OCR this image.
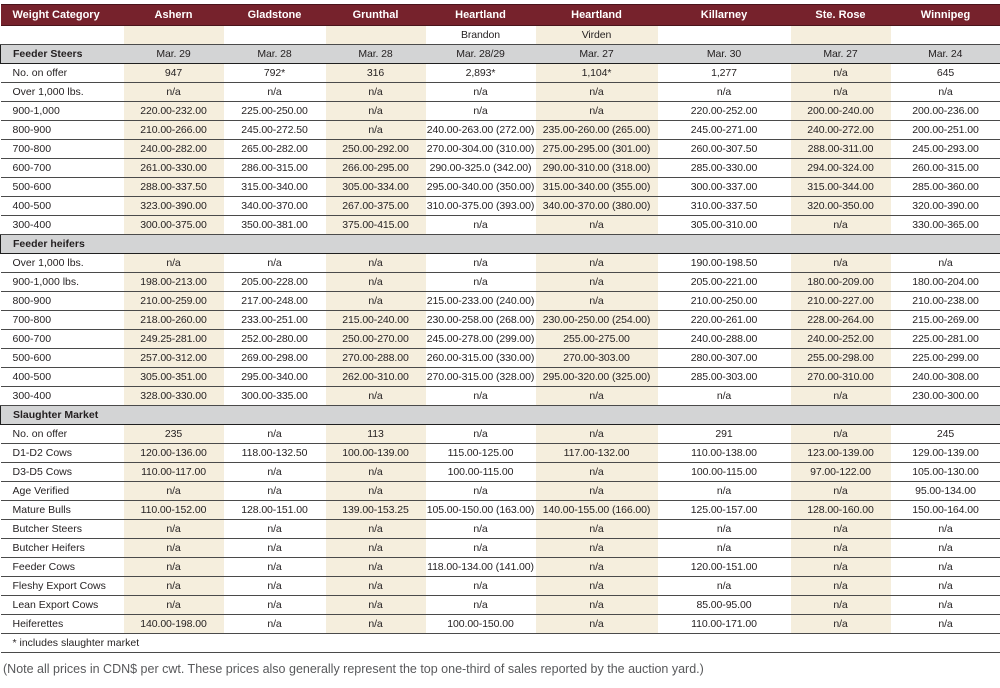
Weight Category	Ashern	Gladstone	Grunthal	Heartland	Heartland	Killarney	Ste. Rose	Winnipeg
				Brandon	Virden			
Feeder Steers	Mar. 29	Mar. 28	Mar. 28	Mar. 28/29	Mar. 27	Mar. 30	Mar. 27	Mar. 24
No. on offer	947	792*	316	2,893*	1,104*	1,277	n/a	645
Over 1,000 lbs.	n/a	n/a	n/a	n/a	n/a	n/a	n/a	n/a
900-1,000	220.00-232.00	225.00-250.00	n/a	n/a	n/a	220.00-252.00	200.00-240.00	200.00-236.00
800-900	210.00-266.00	245.00-272.50	n/a	240.00-263.00 (272.00)	235.00-260.00 (265.00)	245.00-271.00	240.00-272.00	200.00-251.00
700-800	240.00-282.00	265.00-282.00	250.00-292.00	270.00-304.00 (310.00)	275.00-295.00 (301.00)	260.00-307.50	288.00-311.00	245.00-293.00
600-700	261.00-330.00	286.00-315.00	266.00-295.00	290.00-325.0 (342.00)	290.00-310.00 (318.00)	285.00-330.00	294.00-324.00	260.00-315.00
500-600	288.00-337.50	315.00-340.00	305.00-334.00	295.00-340.00 (350.00)	315.00-340.00 (355.00)	300.00-337.00	315.00-344.00	285.00-360.00
400-500	323.00-390.00	340.00-370.00	267.00-375.00	310.00-375.00 (393.00)	340.00-370.00 (380.00)	310.00-337.50	320.00-350.00	320.00-390.00
300-400	300.00-375.00	350.00-381.00	375.00-415.00	n/a	n/a	305.00-310.00	n/a	330.00-365.00
Feeder heifers								
Over 1,000 lbs.	n/a	n/a	n/a	n/a	n/a	190.00-198.50	n/a	n/a
900-1,000 lbs.	198.00-213.00	205.00-228.00	n/a	n/a	n/a	205.00-221.00	180.00-209.00	180.00-204.00
800-900	210.00-259.00	217.00-248.00	n/a	215.00-233.00 (240.00)	n/a	210.00-250.00	210.00-227.00	210.00-238.00
700-800	218.00-260.00	233.00-251.00	215.00-240.00	230.00-258.00 (268.00)	230.00-250.00 (254.00)	220.00-261.00	228.00-264.00	215.00-269.00
600-700	249.25-281.00	252.00-280.00	250.00-270.00	245.00-278.00 (299.00)	255.00-275.00	240.00-288.00	240.00-252.00	225.00-281.00
500-600	257.00-312.00	269.00-298.00	270.00-288.00	260.00-315.00 (330.00)	270.00-303.00	280.00-307.00	255.00-298.00	225.00-299.00
400-500	305.00-351.00	295.00-340.00	262.00-310.00	270.00-315.00 (328.00)	295.00-320.00 (325.00)	285.00-303.00	270.00-310.00	240.00-308.00
300-400	328.00-330.00	300.00-335.00	n/a	n/a	n/a	n/a	n/a	230.00-300.00
Slaughter Market								
No. on offer	235	n/a	113	n/a	n/a	291	n/a	245
D1-D2 Cows	120.00-136.00	118.00-132.50	100.00-139.00	115.00-125.00	117.00-132.00	110.00-138.00	123.00-139.00	129.00-139.00
D3-D5 Cows	110.00-117.00	n/a	n/a	100.00-115.00	n/a	100.00-115.00	97.00-122.00	105.00-130.00
Age Verified	n/a	n/a	n/a	n/a	n/a	n/a	n/a	95.00-134.00
Mature Bulls	110.00-152.00	128.00-151.00	139.00-153.25	105.00-150.00 (163.00)	140.00-155.00 (166.00)	125.00-157.00	128.00-160.00	150.00-164.00
Butcher Steers	n/a	n/a	n/a	n/a	n/a	n/a	n/a	n/a
Butcher Heifers	n/a	n/a	n/a	n/a	n/a	n/a	n/a	n/a
Feeder Cows	n/a	n/a	n/a	118.00-134.00 (141.00)	n/a	120.00-151.00	n/a	n/a
Fleshy Export Cows	n/a	n/a	n/a	n/a	n/a	n/a	n/a	n/a
Lean Export Cows	n/a	n/a	n/a	n/a	n/a	85.00-95.00	n/a	n/a
Heiferettes	140.00-198.00	n/a	n/a	100.00-150.00	n/a	110.00-171.00	n/a	n/a
* includes slaughter market								
(Note all prices in CDN$ per cwt. These prices also generally represent the top one-third of sales reported by the auction yard.)
